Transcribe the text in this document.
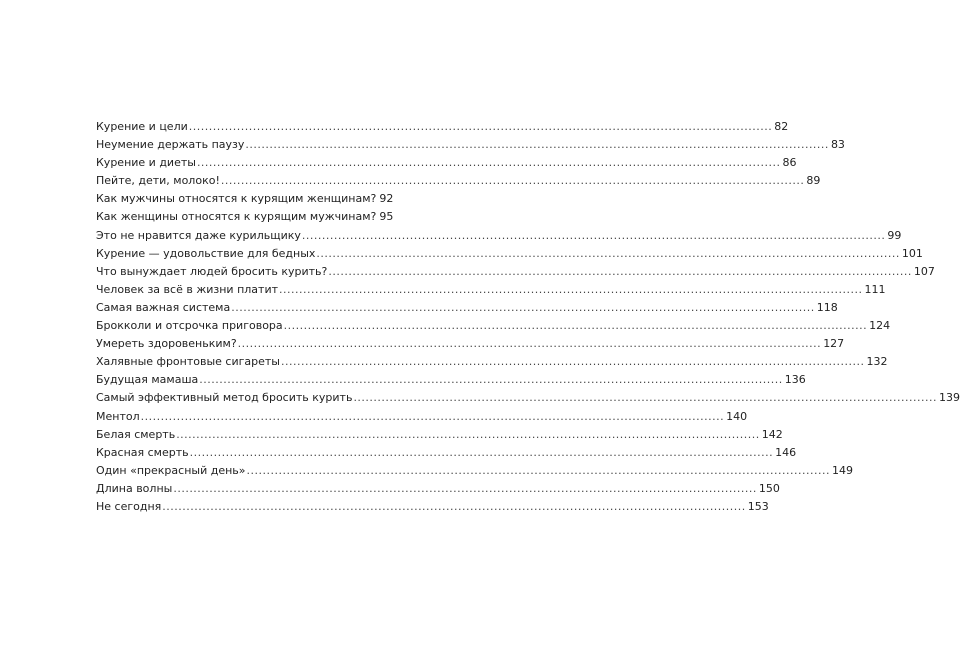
Курение и цели .....	82
Неумение держать паузу .....	83
Курение и диеты .....	86
Пейте, дети, молоко! .....	89
Как мужчины относятся к курящим женщинам? 92
Как женщины относятся к курящим мужчинам? 95
Это не нравится даже курильщику .....	99
Курение — удовольствие для бедных .....	101
Что вынуждает людей бросить курить? .....	107
Человек за всё в жизни платит .....	111
Самая важная система .....	118
Брокколи и отсрочка приговора .....	124
Умереть здоровеньким? .....	127
Халявные фронтовые сигареты .....	132
Будущая мамаша .....	136
Самый эффективный метод бросить курить .....	139
Ментол .....	140
Белая смерть .....	142
Красная смерть .....	146
Один «прекрасный день» .....	149
Длина волны .....	150
Не сегодня .....	153
